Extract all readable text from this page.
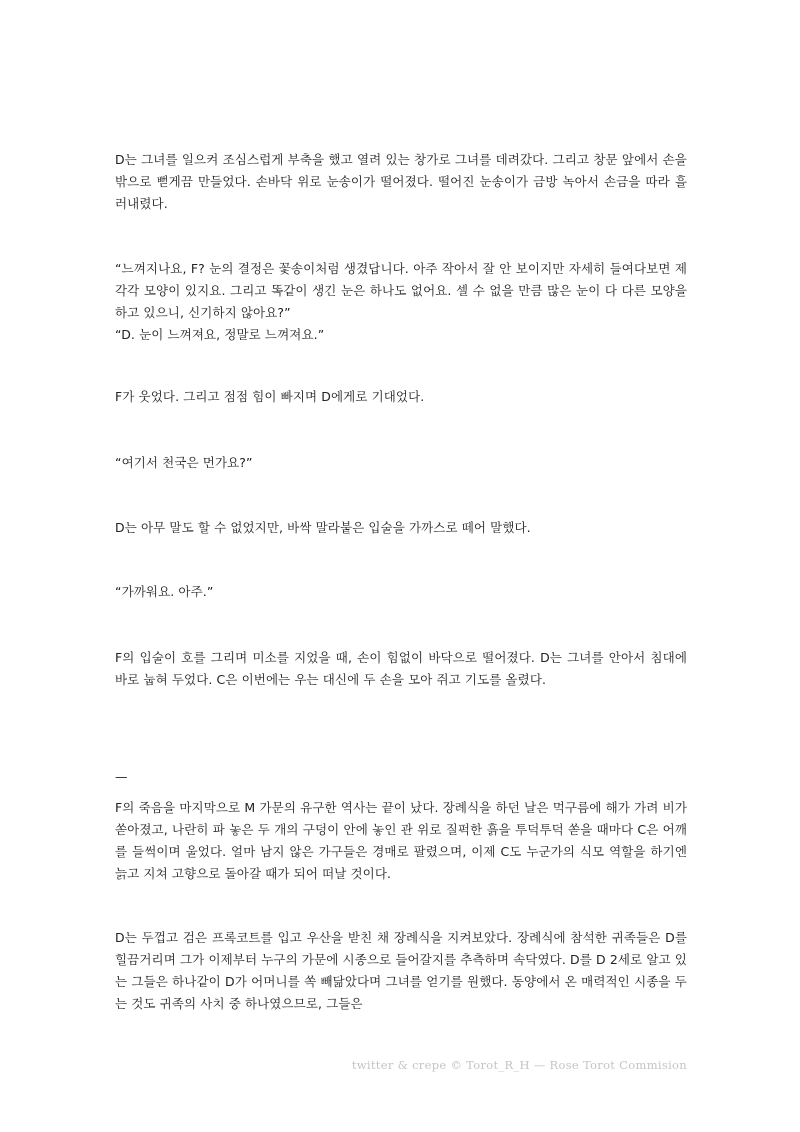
D는 그녀를 일으켜 조심스럽게 부축을 했고 열려 있는 창가로 그녀를 데려갔다. 그리고 창문 앞에서 손을 밖으로 뻗게끔 만들었다. 손바닥 위로 눈송이가 떨어졌다. 떨어진 눈송이가 금방 녹아서 손금을 따라 흘러내렸다.

“느껴지나요, F? 눈의 결정은 꽃송이처럼 생겼답니다. 아주 작아서 잘 안 보이지만 자세히 들여다보면 제각각 모양이 있지요. 그리고 똑같이 생긴 눈은 하나도 없어요. 셀 수 없을 만큼 많은 눈이 다 다른 모양을 하고 있으니, 신기하지 않아요?”

“D. 눈이 느껴져요, 정말로 느껴져요.”

F가 웃었다. 그리고 점점 힘이 빠지며 D에게로 기대었다.

“여기서 천국은 먼가요?”

D는 아무 말도 할 수 없었지만, 바싹 말라붙은 입술을 가까스로 떼어 말했다.

“가까워요. 아주.”

F의 입술이 호를 그리며 미소를 지었을 때, 손이 힘없이 바닥으로 떨어졌다. D는 그녀를 안아서 침대에 바로 눕혀 두었다. C은 이번에는 우는 대신에 두 손을 모아 쥐고 기도를 올렸다.

—

F의 죽음을 마지막으로 M 가문의 유구한 역사는 끝이 났다. 장례식을 하던 날은 먹구름에 해가 가려 비가 쏟아졌고, 나란히 파 놓은 두 개의 구덩이 안에 놓인 관 위로 질퍽한 흙을 투덕투덕 쏟을 때마다 C은 어깨를 들썩이며 울었다. 얼마 남지 않은 가구들은 경매로 팔렸으며, 이제 C도 누군가의 식모 역할을 하기엔 늙고 지쳐 고향으로 돌아갈 때가 되어 떠날 것이다.

D는 두껍고 검은 프록코트를 입고 우산을 받친 채 장례식을 지켜보았다. 장례식에 참석한 귀족들은 D를 힐끔거리며 그가 이제부터 누구의 가문에 시종으로 들어갈지를 추측하며 속닥였다. D를 D 2세로 알고 있는 그들은 하나같이 D가 어머니를 쏙 빼닮았다며 그녀를 얻기를 원했다. 동양에서 온 매력적인 시종을 두는 것도 귀족의 사치 중 하나였으므로, 그들은

twitter & crepe © Torot_R_H — Rose Torot Commision
